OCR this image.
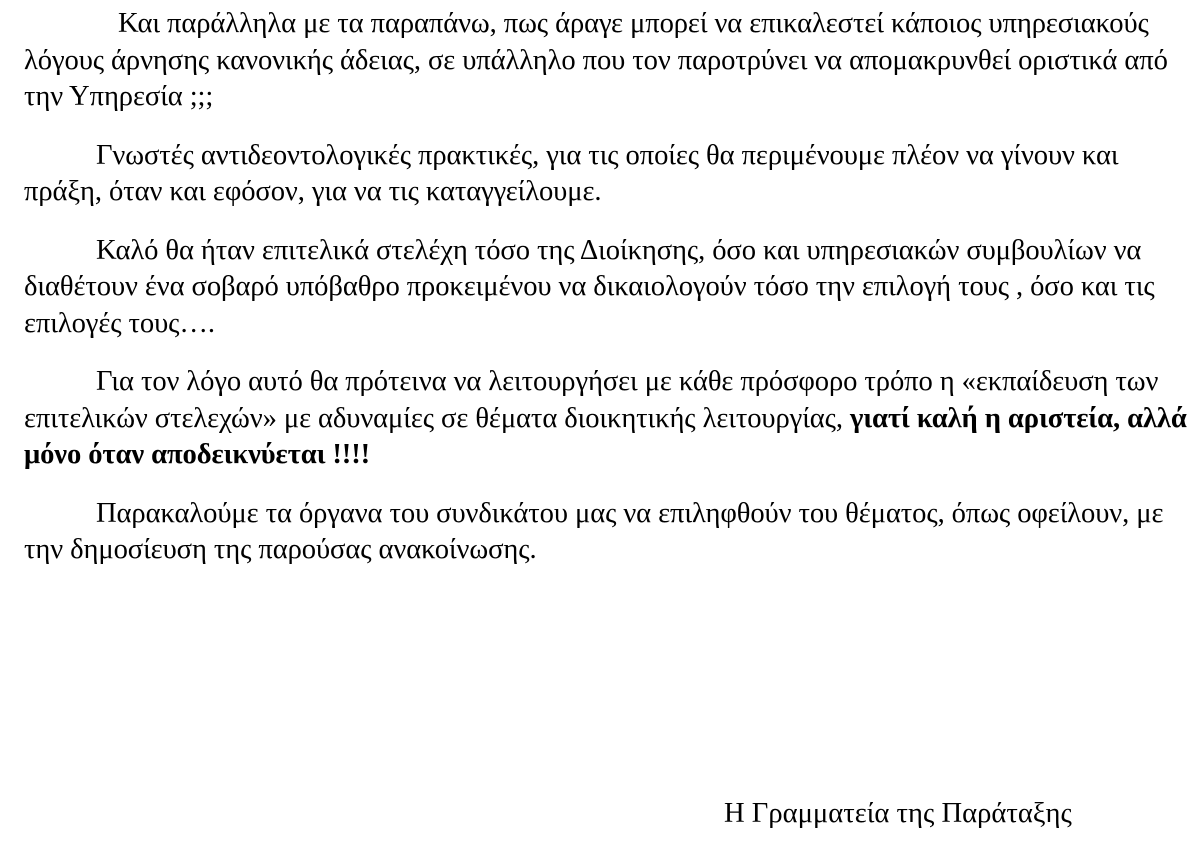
Και παράλληλα με τα παραπάνω, πως άραγε μπορεί να επικαλεστεί κάποιος υπηρεσιακούς λόγους άρνησης κανονικής άδειας, σε υπάλληλο που τον παροτρύνει να απομακρυνθεί οριστικά από την Υπηρεσία ;;;

Γνωστές αντιδεοντολογικές πρακτικές, για τις οποίες θα περιμένουμε πλέον να γίνουν και πράξη, όταν και εφόσον, για να τις καταγγείλουμε.

Καλό θα ήταν επιτελικά στελέχη τόσο της Διοίκησης, όσο και υπηρεσιακών συμβουλίων να διαθέτουν ένα σοβαρό υπόβαθρο προκειμένου να δικαιολογούν τόσο την επιλογή τους , όσο και τις επιλογές τους….

Για τον λόγο αυτό θα πρότεινα να λειτουργήσει με κάθε πρόσφορο τρόπο η «εκπαίδευση των επιτελικών στελεχών» με αδυναμίες σε θέματα διοικητικής λειτουργίας, γιατί καλή η αριστεία, αλλά μόνο όταν αποδεικνύεται !!!!

Παρακαλούμε τα όργανα του συνδικάτου μας να επιληφθούν του θέματος, όπως οφείλουν, με την δημοσίευση της παρούσας ανακοίνωσης.

Η Γραμματεία της Παράταξης
